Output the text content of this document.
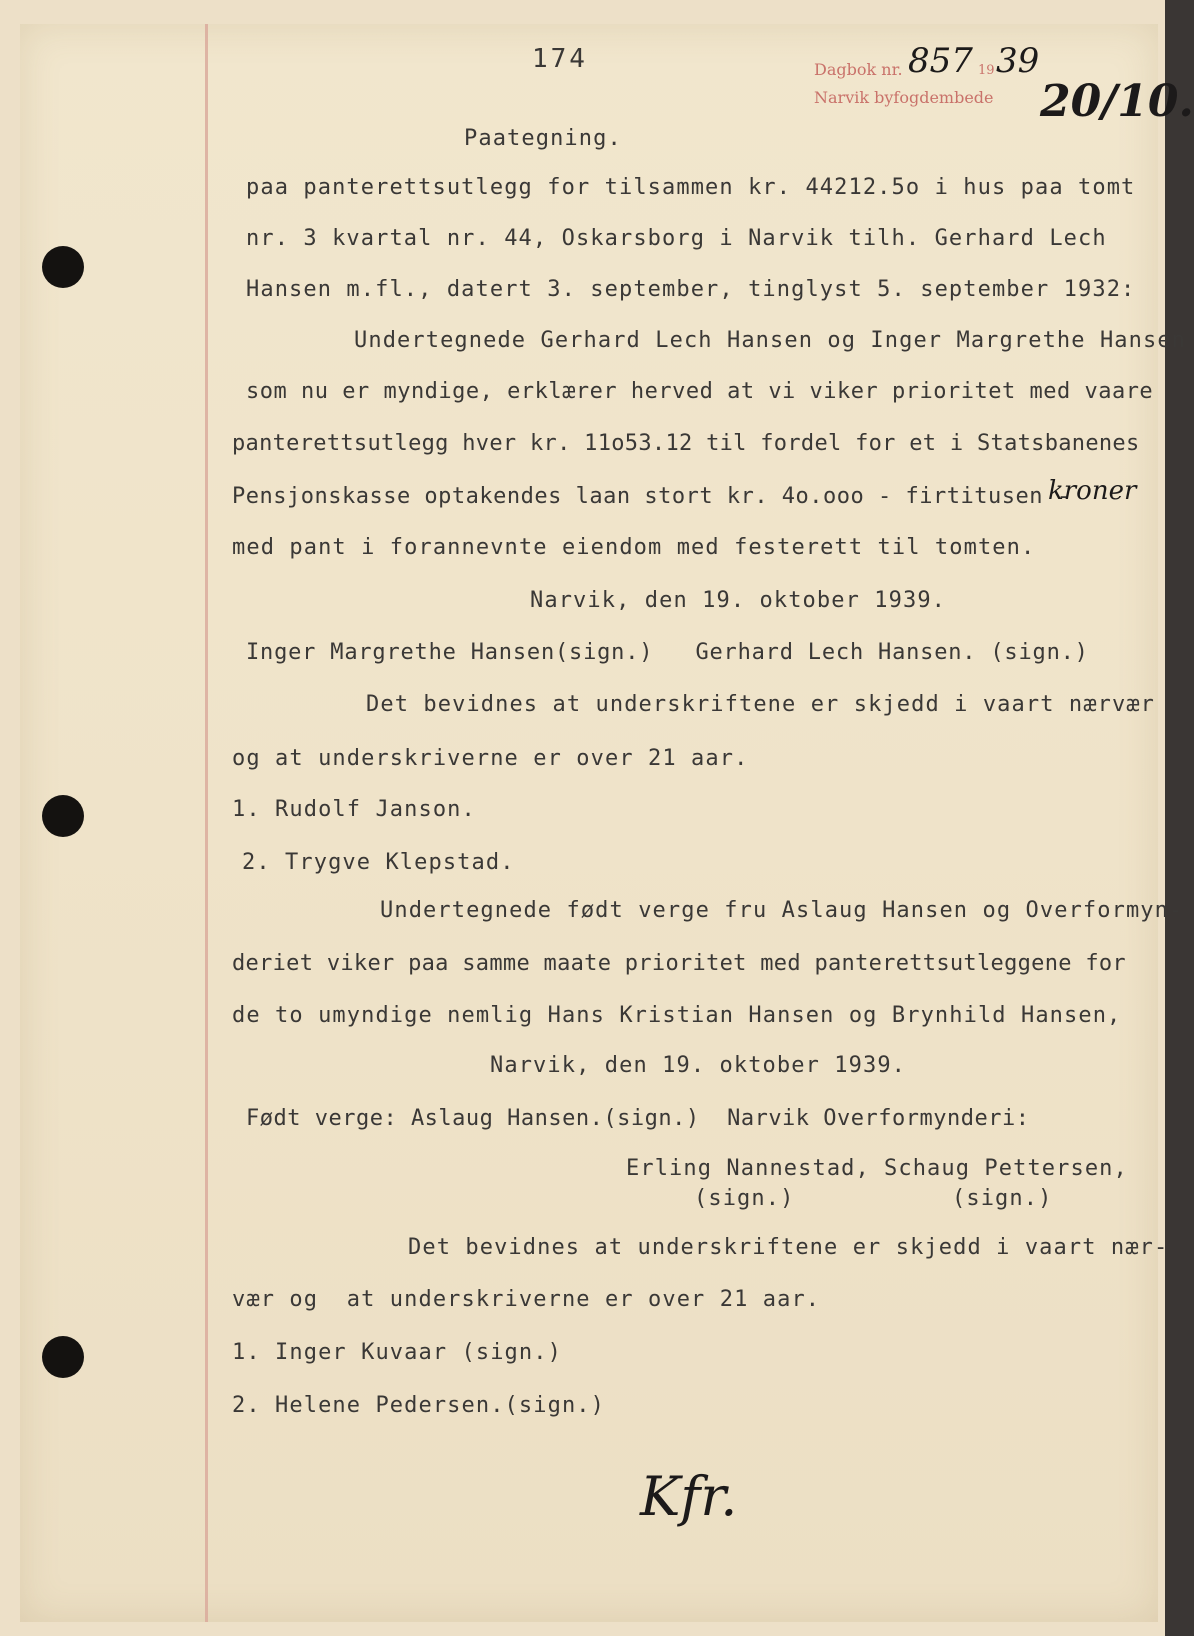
174	Dagbok nr.	19
Narvik byfogdembede
857 39
20/10.
Paategning.
paa panterettsutlegg for tilsammen kr. 44212.5o i hus paa tomt
nr. 3 kvartal nr. 44, Oskarsborg i Narvik tilh. Gerhard Lech
Hansen m.fl., datert 3. september, tinglyst 5. september 1932:
Undertegnede Gerhard Lech Hansen og Inger Margrethe Hansen
som nu er myndige, erklærer herved at vi viker prioritet med vaare
panterettsutlegg hver kr. 11o53.12 til fordel for et i Statsbanenes
Pensjonskasse optakendes laan stort kr. 4o.ooo - firtitusen -
kroner
med pant i forannevnte eiendom med festerett til tomten.
Narvik, den 19. oktober 1939.
Inger Margrethe Hansen(sign.)   Gerhard Lech Hansen. (sign.)
Det bevidnes at underskriftene er skjedd i vaart nærvær
og at underskriverne er over 21 aar.
1. Rudolf Janson.
2. Trygve Klepstad.
Undertegnede født verge fru Aslaug Hansen og Overformyn-
deriet viker paa samme maate prioritet med panterettsutleggene for
de to umyndige nemlig Hans Kristian Hansen og Brynhild Hansen,
Narvik, den 19. oktober 1939.
Født verge: Aslaug Hansen.(sign.)  Narvik Overformynderi:
Erling Nannestad,
(sign.)
Schaug Pettersen,
(sign.)
Det bevidnes at underskriftene er skjedd i vaart nær-
vær og  at underskriverne er over 21 aar.
1. Inger Kuvaar (sign.)
2. Helene Pedersen.(sign.)
Kfr.
